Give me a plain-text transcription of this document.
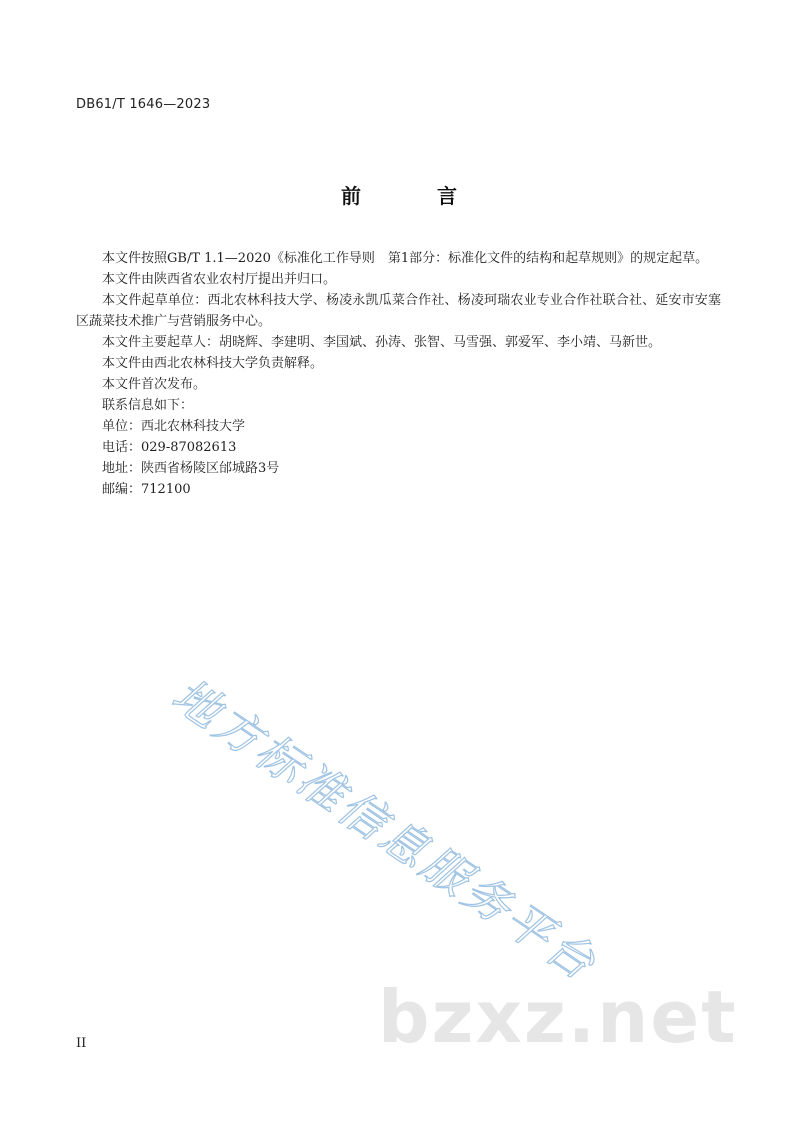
DB61/T 1646—2023
前　言

本文件按照GB/T 1.1—2020《标准化工作导则　第1部分：标准化文件的结构和起草规则》的规定起草。

本文件由陕西省农业农村厅提出并归口。

本文件起草单位：西北农林科技大学、杨凌永凯瓜菜合作社、杨凌珂瑞农业专业合作社联合社、延安市安塞区蔬菜技术推广与营销服务中心。

本文件主要起草人：胡晓辉、李建明、李国斌、孙涛、张智、马雪强、郭爱军、李小靖、马新世。

本文件由西北农林科技大学负责解释。

本文件首次发布。

联系信息如下：

单位：西北农林科技大学

电话：029-87082613

地址：陕西省杨陵区邰城路3号

邮编：712100

地方标准信息服务平台
bzxz.net
II
